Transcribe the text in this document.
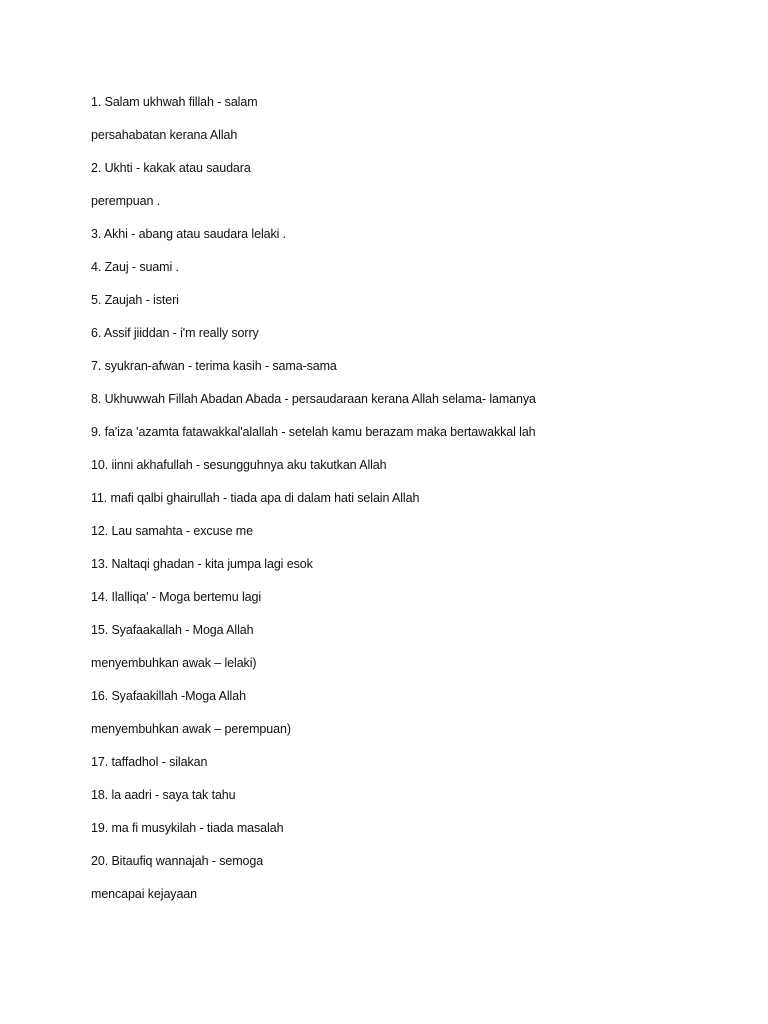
1. Salam ukhwah fillah - salam
persahabatan kerana Allah
2. Ukhti - kakak atau saudara
perempuan .
3. Akhi - abang atau saudara lelaki .
4. Zauj - suami .
5. Zaujah - isteri
6. Assif jiiddan - i'm really sorry
7. syukran-afwan - terima kasih - sama-sama
8. Ukhuwwah Fillah Abadan Abada - persaudaraan kerana Allah selama- lamanya
9. fa'iza 'azamta fatawakkal'alallah - setelah kamu berazam maka bertawakkal lah
10. iinni akhafullah - sesungguhnya aku takutkan Allah
11. mafi qalbi ghairullah - tiada apa di dalam hati selain Allah
12. Lau samahta - excuse me
13. Naltaqi ghadan - kita jumpa lagi esok
14. Ilalliqa' - Moga bertemu lagi
15. Syafaakallah - Moga Allah
menyembuhkan awak – lelaki)
16. Syafaakillah -Moga Allah
menyembuhkan awak – perempuan)
17. taffadhol - silakan
18. la aadri - saya tak tahu
19. ma fi musykilah - tiada masalah
20. Bitaufiq wannajah - semoga
mencapai kejayaan
